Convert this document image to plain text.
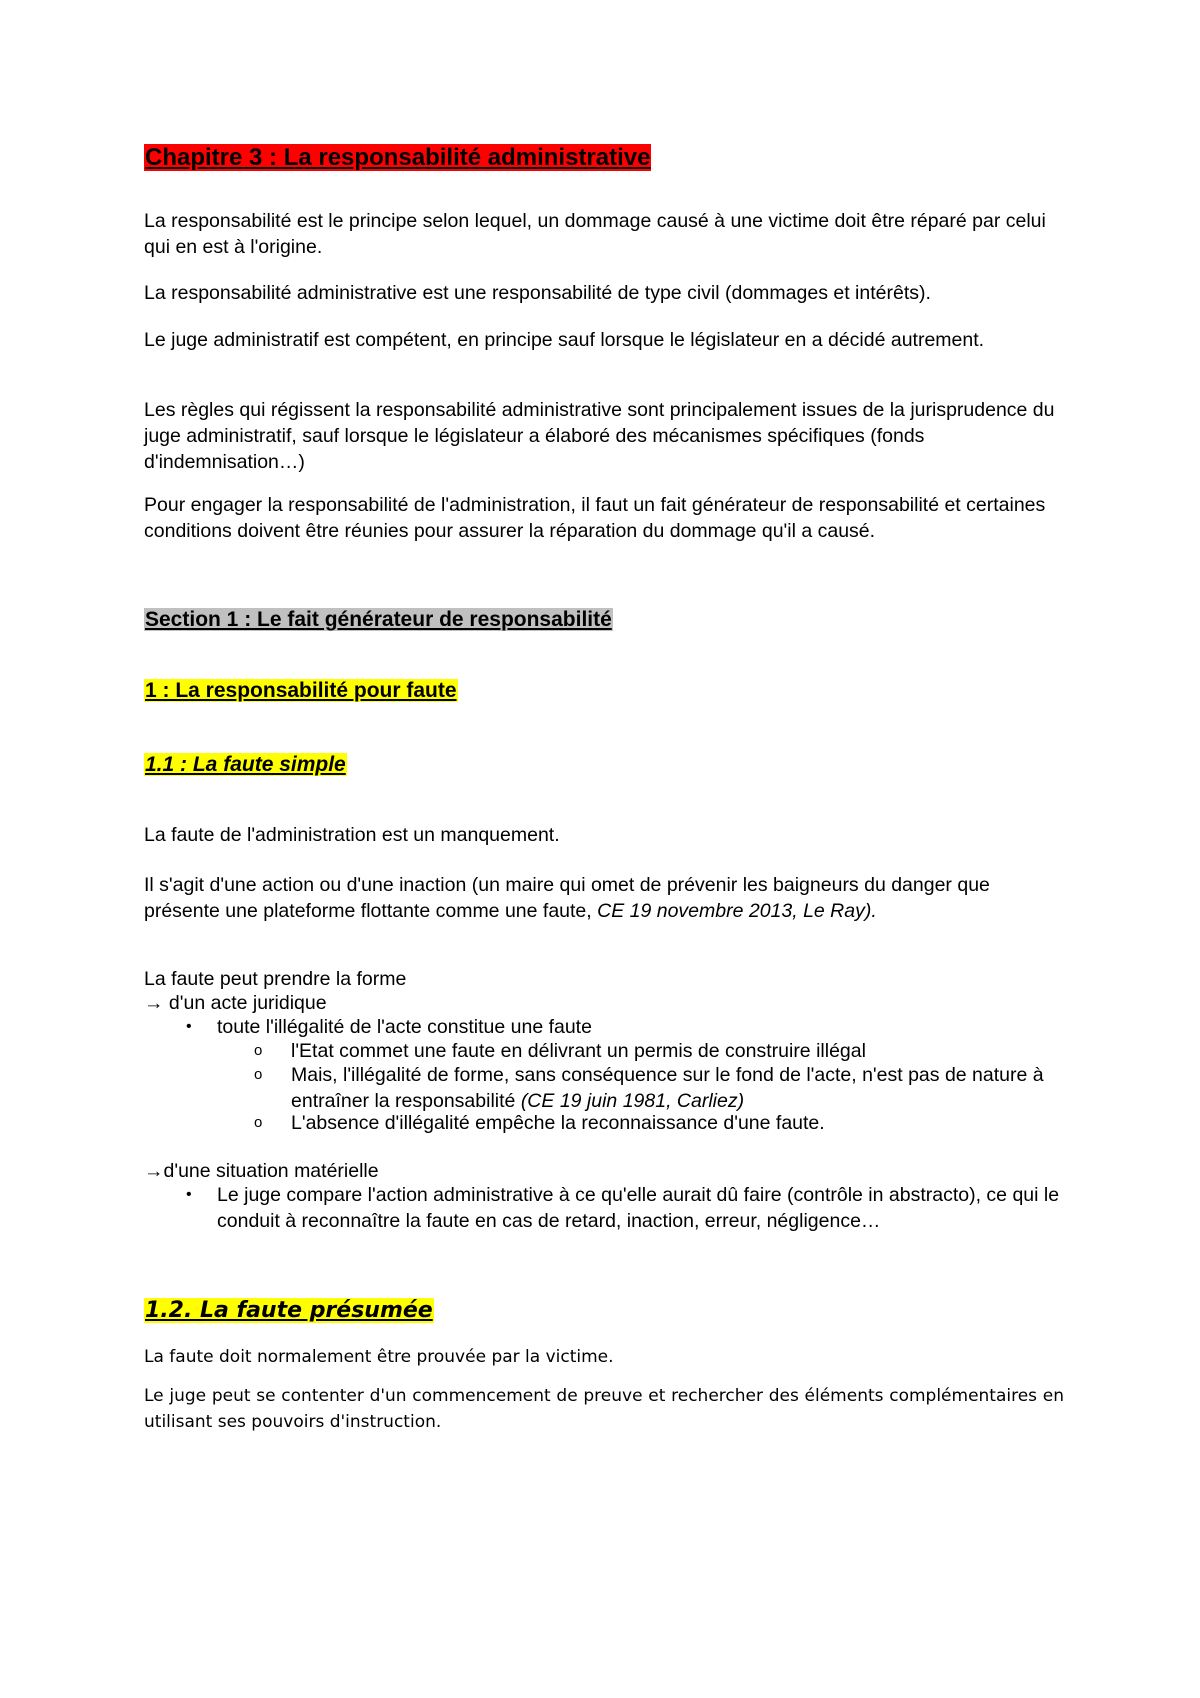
Chapitre 3 : La responsabilité administrative

La responsabilité est le principe selon lequel, un dommage causé à une victime doit être réparé par celui qui en est à l'origine.

La responsabilité administrative est une responsabilité de type civil (dommages et intérêts).

Le juge administratif est compétent, en principe sauf lorsque le législateur en a décidé autrement.

Les règles qui régissent la responsabilité administrative sont principalement issues de la jurisprudence du juge administratif, sauf lorsque le législateur a élaboré des mécanismes spécifiques (fonds d'indemnisation…)

Pour engager la responsabilité de l'administration, il faut un fait générateur de responsabilité et certaines conditions doivent être réunies pour assurer la réparation du dommage qu'il a causé.

Section 1 : Le fait générateur de responsabilité
1 : La responsabilité pour faute
1.1 : La faute simple

La faute de l'administration est un manquement.

Il s'agit d'une action ou d'une inaction (un maire qui omet de prévenir les baigneurs du danger que présente une plateforme flottante comme une faute, CE 19 novembre 2013, Le Ray).

La faute peut prendre la forme

→ d'un acte juridique

• toute l'illégalité de l'acte constitue une faute
o l'Etat commet une faute en délivrant un permis de construire illégal
o Mais, l'illégalité de forme, sans conséquence sur le fond de l'acte, n'est pas de nature à entraîner la responsabilité (CE 19 juin 1981, Carliez)
o L'absence d'illégalité empêche la reconnaissance d'une faute.

→d'une situation matérielle

• Le juge compare l'action administrative à ce qu'elle aurait dû faire (contrôle in abstracto), ce qui le conduit à reconnaître la faute en cas de retard, inaction, erreur, négligence…
1.2. La faute présumée

La faute doit normalement être prouvée par la victime.

Le juge peut se contenter d'un commencement de preuve et rechercher des éléments complémentaires en utilisant ses pouvoirs d'instruction.
